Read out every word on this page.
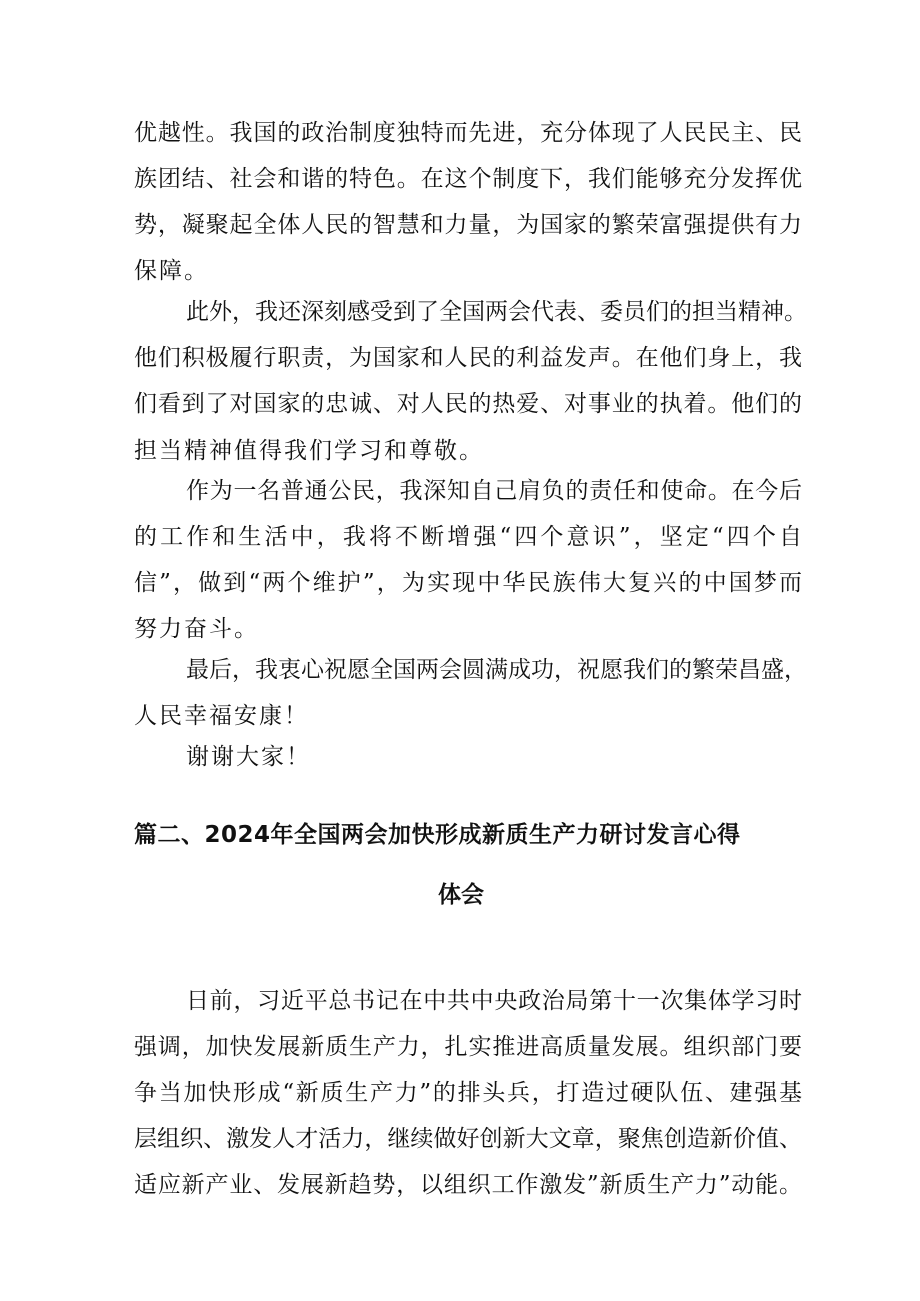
优越性。我国的政治制度独特而先进，充分体现了人民民主、民
族团结、社会和谐的特色。在这个制度下，我们能够充分发挥优
势，凝聚起全体人民的智慧和力量，为国家的繁荣富强提供有力
保障。
此外，我还深刻感受到了全国两会代表、委员们的担当精神。
他们积极履行职责，为国家和人民的利益发声。在他们身上，我
们看到了对国家的忠诚、对人民的热爱、对事业的执着。他们的
担当精神值得我们学习和尊敬。
作为一名普通公民，我深知自己肩负的责任和使命。在今后
的工作和生活中，我将不断增强“四个意识”，坚定“四个自
信”，做到“两个维护”，为实现中华民族伟大复兴的中国梦而
努力奋斗。
最后，我衷心祝愿全国两会圆满成功，祝愿我们的繁荣昌盛，
人民幸福安康！
谢谢大家！
篇二、2024年全国两会加快形成新质生产力研讨发言心得
体会
日前，习近平总书记在中共中央政治局第十一次集体学习时
强调，加快发展新质生产力，扎实推进高质量发展。组织部门要
争当加快形成“新质生产力”的排头兵，打造过硬队伍、建强基
层组织、激发人才活力，继续做好创新大文章，聚焦创造新价值、
适应新产业、发展新趋势，以组织工作激发”新质生产力”动能。
